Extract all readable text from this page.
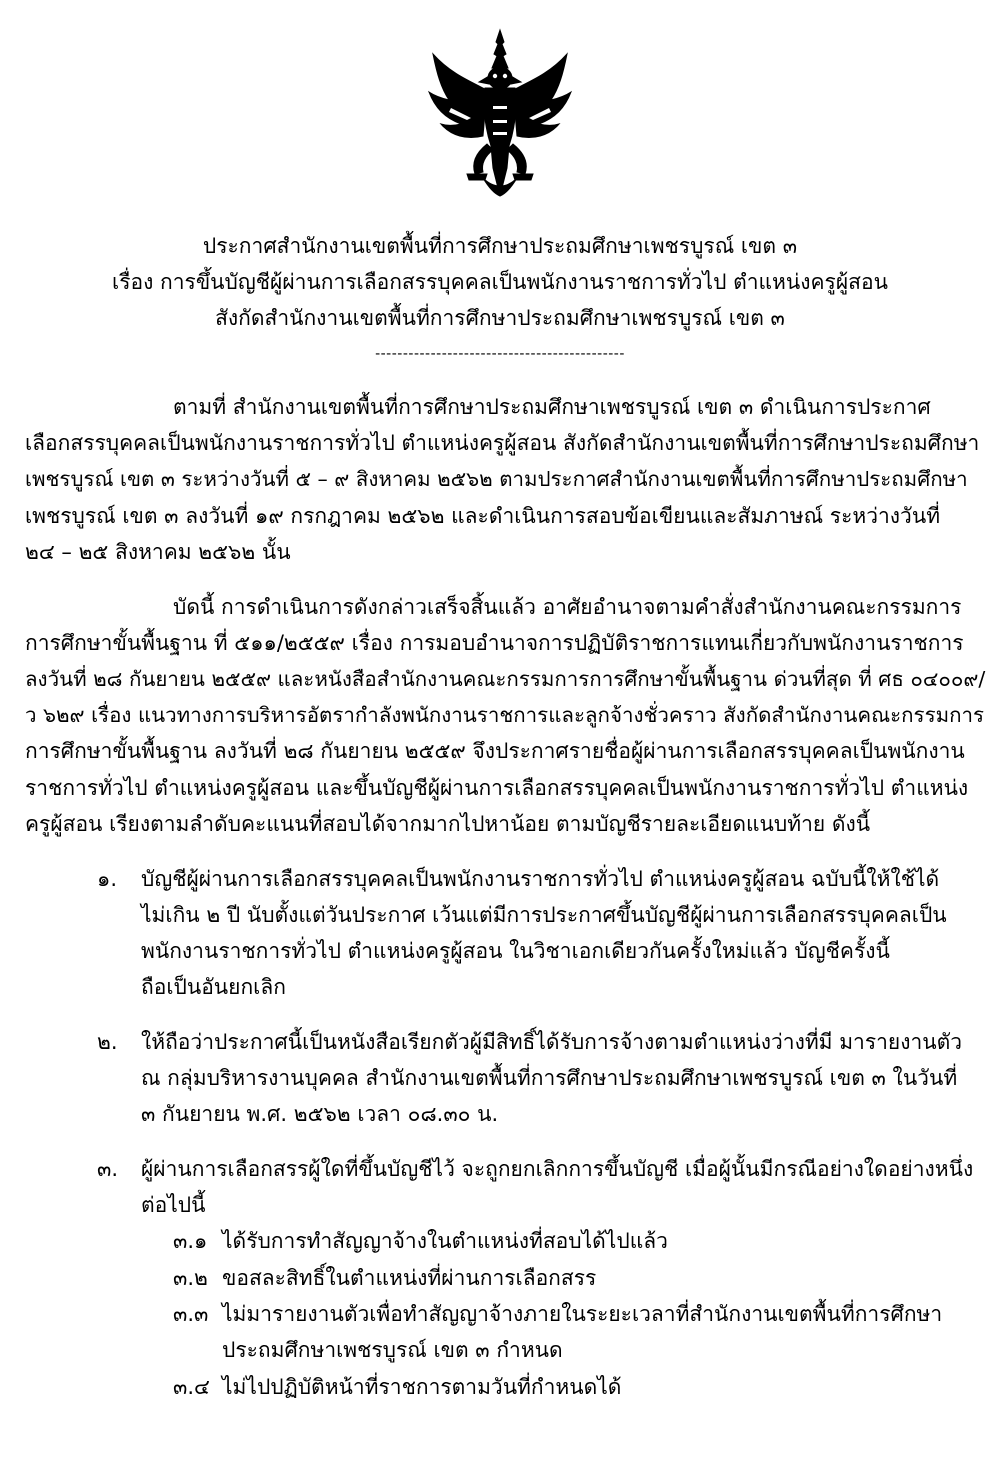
ประกาศสำนักงานเขตพื้นที่การศึกษาประถมศึกษาเพชรบูรณ์ เขต ๓
เรื่อง การขึ้นบัญชีผู้ผ่านการเลือกสรรบุคคลเป็นพนักงานราชการทั่วไป ตำแหน่งครูผู้สอน
สังกัดสำนักงานเขตพื้นที่การศึกษาประถมศึกษาเพชรบูรณ์ เขต ๓
---------------------------------------------
ตามที่ สำนักงานเขตพื้นที่การศึกษาประถมศึกษาเพชรบูรณ์ เขต ๓ ดำเนินการประกาศ
เลือกสรรบุคคลเป็นพนักงานราชการทั่วไป ตำแหน่งครูผู้สอน สังกัดสำนักงานเขตพื้นที่การศึกษาประถมศึกษา
เพชรบูรณ์ เขต ๓ ระหว่างวันที่ ๕ – ๙ สิงหาคม ๒๕๖๒ ตามประกาศสำนักงานเขตพื้นที่การศึกษาประถมศึกษา
เพชรบูรณ์ เขต ๓ ลงวันที่ ๑๙ กรกฎาคม ๒๕๖๒ และดำเนินการสอบข้อเขียนและสัมภาษณ์ ระหว่างวันที่
๒๔ – ๒๕ สิงหาคม ๒๕๖๒ นั้น
บัดนี้ การดำเนินการดังกล่าวเสร็จสิ้นแล้ว อาศัยอำนาจตามคำสั่งสำนักงานคณะกรรมการ
การศึกษาขั้นพื้นฐาน ที่ ๕๑๑/๒๕๕๙ เรื่อง การมอบอำนาจการปฏิบัติราชการแทนเกี่ยวกับพนักงานราชการ
ลงวันที่ ๒๘ กันยายน ๒๕๕๙ และหนังสือสำนักงานคณะกรรมการการศึกษาขั้นพื้นฐาน ด่วนที่สุด ที่ ศธ ๐๔๐๐๙/
ว ๖๒๙ เรื่อง แนวทางการบริหารอัตรากำลังพนักงานราชการและลูกจ้างชั่วคราว สังกัดสำนักงานคณะกรรมการ
การศึกษาขั้นพื้นฐาน ลงวันที่ ๒๘ กันยายน ๒๕๕๙ จึงประกาศรายชื่อผู้ผ่านการเลือกสรรบุคคลเป็นพนักงาน
ราชการทั่วไป ตำแหน่งครูผู้สอน และขึ้นบัญชีผู้ผ่านการเลือกสรรบุคคลเป็นพนักงานราชการทั่วไป ตำแหน่ง
ครูผู้สอน เรียงตามลำดับคะแนนที่สอบได้จากมากไปหาน้อย ตามบัญชีรายละเอียดแนบท้าย ดังนี้
๑. บัญชีผู้ผ่านการเลือกสรรบุคคลเป็นพนักงานราชการทั่วไป ตำแหน่งครูผู้สอน ฉบับนี้ให้ใช้ได้
ไม่เกิน ๒ ปี นับตั้งแต่วันประกาศ เว้นแต่มีการประกาศขึ้นบัญชีผู้ผ่านการเลือกสรรบุคคลเป็น
พนักงานราชการทั่วไป ตำแหน่งครูผู้สอน ในวิชาเอกเดียวกันครั้งใหม่แล้ว บัญชีครั้งนี้
ถือเป็นอันยกเลิก
๒. ให้ถือว่าประกาศนี้เป็นหนังสือเรียกตัวผู้มีสิทธิ์ได้รับการจ้างตามตำแหน่งว่างที่มี มารายงานตัว
ณ กลุ่มบริหารงานบุคคล สำนักงานเขตพื้นที่การศึกษาประถมศึกษาเพชรบูรณ์ เขต ๓ ในวันที่
๓ กันยายน พ.ศ. ๒๕๖๒ เวลา ๐๘.๓๐ น.
๓. ผู้ผ่านการเลือกสรรผู้ใดที่ขึ้นบัญชีไว้ จะถูกยกเลิกการขึ้นบัญชี เมื่อผู้นั้นมีกรณีอย่างใดอย่างหนึ่ง
ต่อไปนี้
๓.๑ ได้รับการทำสัญญาจ้างในตำแหน่งที่สอบได้ไปแล้ว
๓.๒ ขอสละสิทธิ์ในตำแหน่งที่ผ่านการเลือกสรร
๓.๓ ไม่มารายงานตัวเพื่อทำสัญญาจ้างภายในระยะเวลาที่สำนักงานเขตพื้นที่การศึกษา
ประถมศึกษาเพชรบูรณ์ เขต ๓ กำหนด
๓.๔ ไม่ไปปฏิบัติหน้าที่ราชการตามวันที่กำหนดได้
